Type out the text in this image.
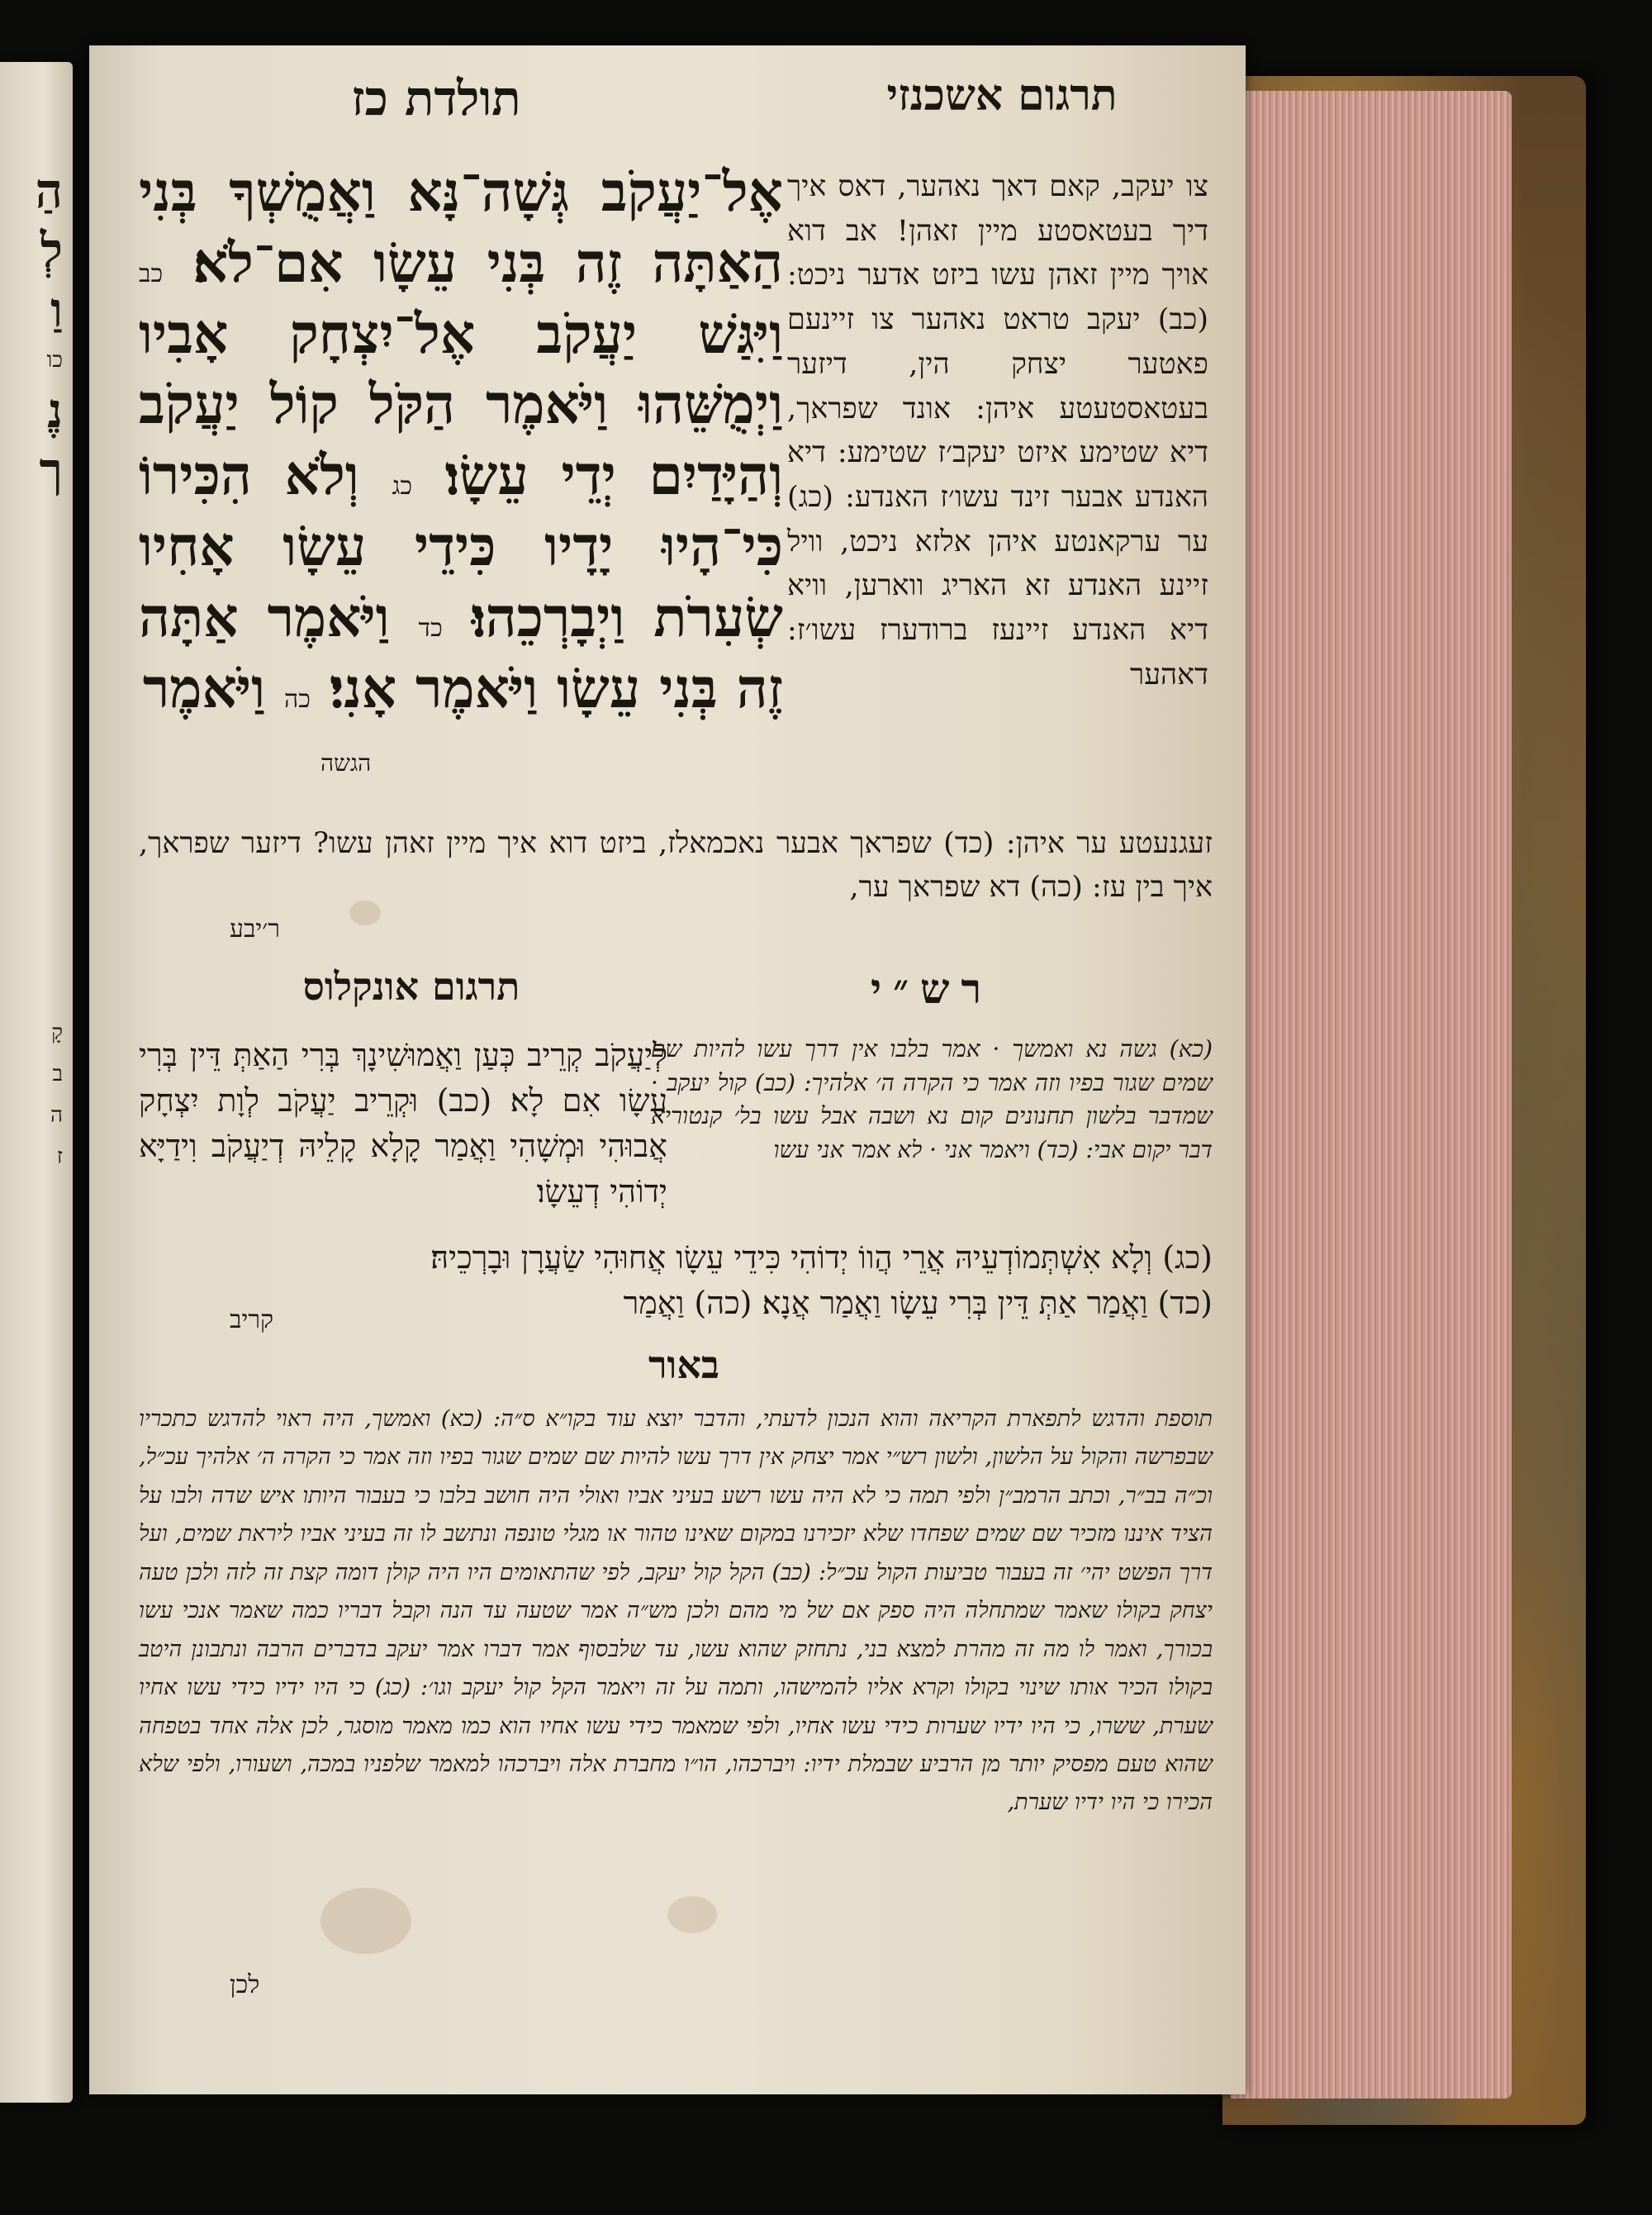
הַ
לְ
וַ
כו
נֶ
ך
קָ
ב
ה
ז
תרגום אשכנזי
תולדת כז
אֶל־יַעֲקֹב גְּשָׁה־נָּא וַאֲמֻשְׁךָ בְּנִי הַאַתָּה זֶה בְּנִי עֵשָׂו אִם־לֹא׃ כב וַיִּגַּשׁ יַעֲקֹב אֶל־יִצְחָק אָבִיו וַיְמֻשֵּׁהוּ וַיֹּאמֶר הַקֹּל קוֹל יַעֲקֹב וְהַיָּדַיִם יְדֵי עֵשָׂו׃ כג וְלֹא הִכִּירוֹ כִּי־הָיוּ יָדָיו כִּידֵי עֵשָׂו אָחִיו שְׂעִרֹת וַיְבָרְכֵהוּ׃ כד וַיֹּאמֶר אַתָּה זֶה בְּנִי עֵשָׂו וַיֹּאמֶר אָנִי׃ כה וַיֹּאמֶר
הגשה
צו יעקב, קאם דאך נאהער, דאס איך דיך בעטאסטע מיין זאהן! אב דוא אויך מיין זאהן עשו ביזט אדער ניכט: (כב) יעקב טראט נאהער צו זיינעם פאטער יצחק הין, דיזער בעטאסטעטע איהן: אונד שפראך, דיא שטימע איזט יעקב׳ז שטימע: דיא האנדע אבער זינד עשו׳ז האנדע: (כג) ער ערקאנטע איהן אלזא ניכט, וויל זיינע האנדע זא האריג ווארען, וויא דיא האנדע זיינעז ברודערז עשו׳ז: דאהער
זעגנעטע ער איהן: (כד) שפראך אבער נאכמאלז, ביזט דוא איך מיין זאהן עשו? דיזער שפראך, איך בין עז: (כה) דא שפראך ער,
ר׳יבע
רש״י
תרגום אונקלוס
(כא) גשה נא ואמשך · אמר בלבו אין דרך עשו להיות שם שמים שגור בפיו וזה אמר כי הקרה ה׳ אלהיך: (כב) קול יעקב · שמדבר בלשון תחנונים קום נא ושבה אבל עשו בל׳ קנטוריא דבר יקום אבי: (כד) ויאמר אני · לא אמר אני עשו
לְיַעֲקֹב קְרֵיב כְּעַן וַאֲמוּשִׁינָךְ בְּרִי הַאַתְּ דֵּין בְּרִי עֵשָׂו אִם לָא׃ (כב) וּקְרֵיב יַעֲקֹב לְוָת יִצְחָק אֲבוּהִי וּמְשָׁהִי וַאֲמַר קָלָא קָלֵיהּ דְיַעֲקֹב וִידַיָּא יְדוֹהִי דְעֵשָׂו׃
(כג) וְלָא אִשְׁתְּמוֹדְעֵיהּ אֲרֵי הֲווֹ יְדוֹהִי כִּידֵי עֵשָׂו אֲחוּהִי שַׂעֲרָן וּבָרְכֵיהּ׃
(כד) וַאֲמַר אַתְּ דֵּין בְּרִי עֵשָׂו וַאֲמַר אֲנָא׃ (כה) וַאֲמַר
קריב
באור
תוספת והדגש לתפארת הקריאה והוא הנכון לדעתי, והדבר יוצא עוד בקו״א ס״ה: (כא) ואמשך, היה ראוי להדגש כתכריו שבפרשה והקול על הלשון, ולשון רש״י אמר יצחק אין דרך עשו להיות שם שמים שגור בפיו וזה אמר כי הקרה ה׳ אלהיך עכ״ל, וכ״ה בב״ר, וכתב הרמב״ן ולפי תמה כי לא היה עשו רשע בעיני אביו ואולי היה חושב בלבו כי בעבור היותו איש שדה ולבו על הציד איננו מזכיר שם שמים שפחדו שלא יזכירנו במקום שאינו טהור או מגלי טונפה ונתשב לו זה בעיני אביו ליראת שמים, ועל דרך הפשט יהי׳ זה בעבור טביעות הקול עכ״ל: (כב) הקל קול יעקב, לפי שהתאומים היו היה קולן דומה קצת זה לזה ולכן טעה יצחק בקולו שאמר שמתחלה היה ספק אם של מי מהם ולכן מש״ה אמר שטעה עד הנה וקבל דבריו כמה שאמר אנכי עשו בכורך, ואמר לו מה זה מהרת למצא בני, נתחזק שהוא עשו, עד שלבסוף אמר דברו אמר יעקב בדברים הרבה ונתבונן היטב בקולו הכיר אותו שינוי בקולו וקרא אליו להמישהו, ותמה על זה ויאמר הקל קול יעקב וגו׳: (כג) כי היו ידיו כידי עשו אחיו שערת, ששרו, כי היו ידיו שערות כידי עשו אחיו, ולפי שמאמר כידי עשו אחיו הוא כמו מאמר מוסגר, לכן אלה אחד בטפחה שהוא טעם מפסיק יותר מן הרביע שבמלת ידיו: ויברכהו, הו״ו מחברת אלה ויברכהו למאמר שלפניו במכה, ושעורו, ולפי שלא הכירו כי היו ידיו שערת,
לכן
